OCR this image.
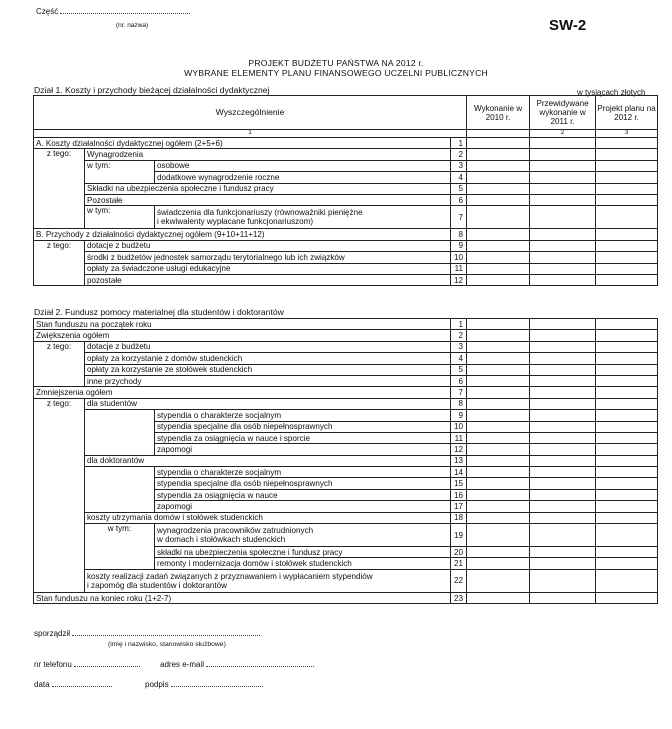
Część
(nr. nazwa)	SW-2
PROJEKT BUDŻETU PAŃSTWA NA 2012 r.
WYBRANE ELEMENTY PLANU FINANSOWEGO UCZELNI PUBLICZNYCH
Dział 1. Koszty i przychody bieżącej działalności dydaktycznej	w tysiącach złotych
Wyszczególnienie				Wykonanie w 2010 r.	Przewidywane wykonanie w 2011 r.	Projekt planu na 2012 r.
1					2	3
A. Koszty działalności dydaktycznej ogółem (2+5+6)			1			
z tego:	Wynagrodzenia		2			
	w tym:	osobowe	3			
		dodatkowe wynagrodzenie roczne	4			
	Składki na ubezpieczenia społeczne i fundusz pracy		5			
	Pozostałe		6			
	w tym:	świadczenia dla funkcjonariuszy (równoważniki pieniężne
i ekwiwalenty wypłacane funkcjonariuszom)	7			
B. Przychody z działalności dydaktycznej ogółem (9+10+11+12)			8			
z tego:	dotacje z budżetu		9			
	środki z budżetów jednostek samorządu terytorialnego lub ich związków		10			
	opłaty za świadczone usługi edukacyjne		11			
	pozostałe		12			
Dział 2. Fundusz pomocy materialnej dla studentów i doktorantów
Stan funduszu na początek roku			1			
Zwiększenia ogółem			2			
z tego:	dotacje z budżetu		3			
	opłaty za korzystanie z domów studenckich		4			
	opłaty za korzystanie ze stołówek studenckich		5			
	inne przychody		6			
Zmniejszenia ogółem			7			
z tego:	dla studentów		8			
		stypendia o charakterze socjalnym	9			
		stypendia specjalne dla osób niepełnosprawnych	10			
		stypendia za osiągnięcia w nauce i sporcie	11			
		zapomogi	12			
	dla doktorantów		13			
		stypendia o charakterze socjalnym	14			
		stypendia specjalne dla osób niepełnosprawnych	15			
		stypendia za osiągnięcia w nauce	16			
		zapomogi	17			
	koszty utrzymania domów i stołówek studenckich		18			
	w tym:	wynagrodzenia pracowników zatrudnionych
w domach i stołówkach studenckich	19			
		składki na ubezpieczenia społeczne i fundusz pracy	20			
		remonty i modernizacja domów i stołówek studenckich	21			
	koszty realizacji zadań związanych z przyznawaniem i wypłacaniem stypendiów
i zapomóg dla studentów i doktorantów		22			
Stan funduszu na koniec roku (1+2-7)			23			
sporządził
(imię i nazwisko, stanowisko służbowe)
nr telefonu	adres e-mail
data	podpis
